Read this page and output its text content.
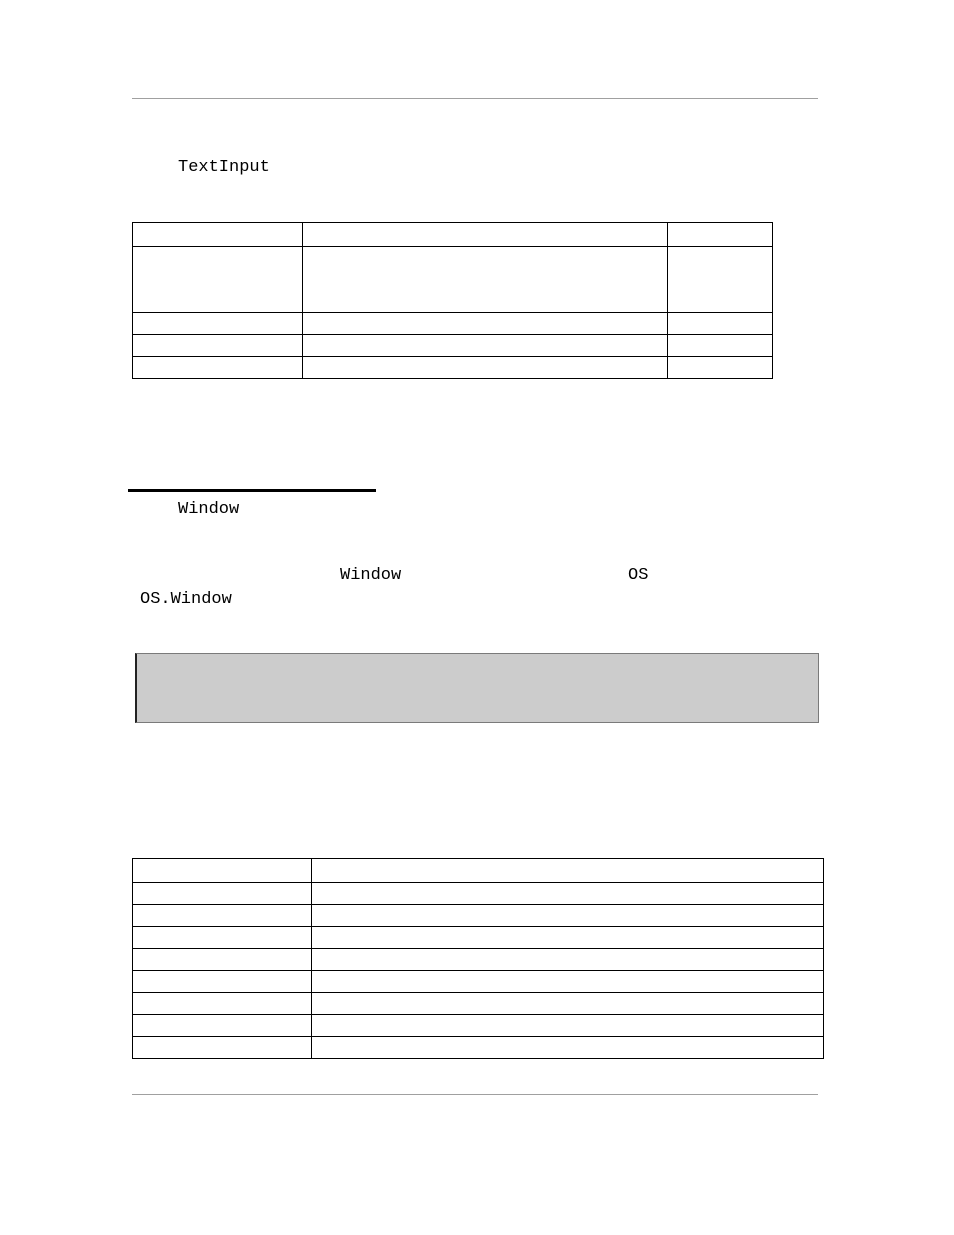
TextInput

Window
Window	OS
OS.Window
